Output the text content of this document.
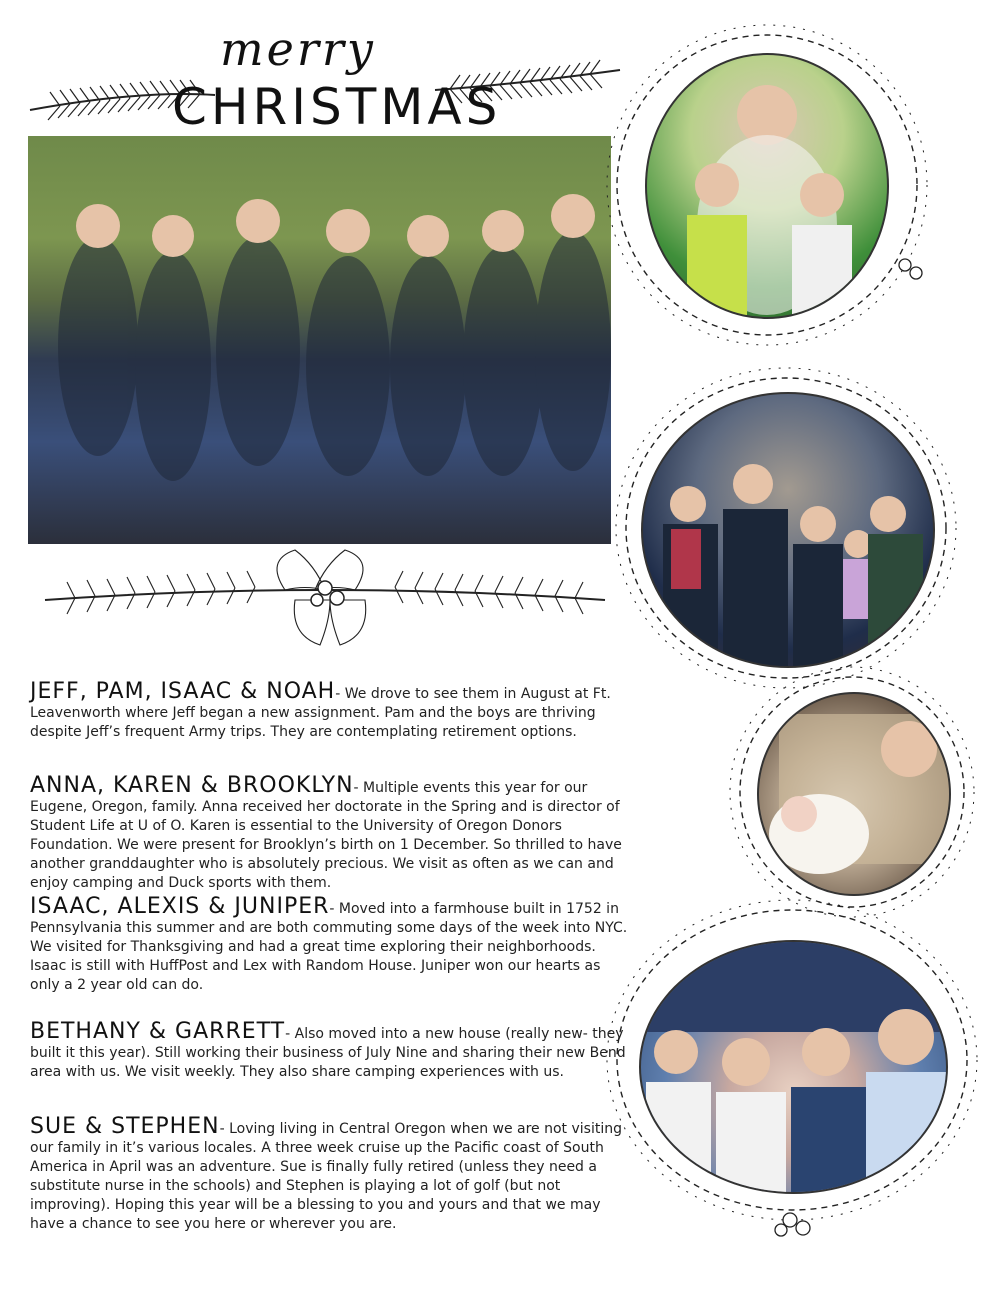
merry
CHRISTMAS
JEFF, PAM, ISAAC & NOAH- We drove to see them in August at Ft. Leavenworth where Jeff began a new assignment. Pam and the boys are thriving despite Jeff’s frequent Army trips. They are contemplating retirement options.
ANNA, KAREN & BROOKLYN- Multiple events this year for our Eugene, Oregon, family. Anna received her doctorate in the Spring and is director of Student Life at U of O. Karen is essential to the University of Oregon Donors Foundation. We were present for Brooklyn’s birth on 1 December. So thrilled to have another granddaughter who is absolutely precious. We visit as often as we can and enjoy camping and Duck sports with them.
ISAAC, ALEXIS & JUNIPER- Moved into a farmhouse built in 1752 in Pennsylvania this summer and are both commuting some days of the week into NYC. We visited for Thanksgiving and had a great time exploring their neighborhoods. Isaac is still with HuffPost and Lex with Random House. Juniper won our hearts as only a 2 year old can do.
BETHANY & GARRETT- Also moved into a new house (really new- they built it this year). Still working their business of July Nine and sharing their new Bend area with us. We visit weekly. They also share camping experiences with us.
SUE & STEPHEN- Loving living in Central Oregon when we are not visiting our family in it’s various locales. A three week cruise up the Pacific coast of South America in April was an adventure. Sue is finally fully retired (unless they need a substitute nurse in the schools) and Stephen is playing a lot of golf (but not improving). Hoping this year will be a blessing to you and yours and that we may have a chance to see you here or wherever you are.
